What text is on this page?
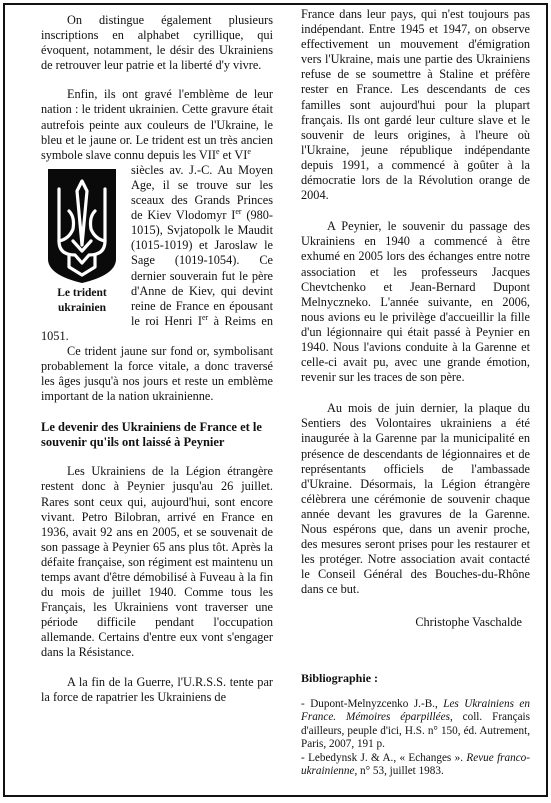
On distingue également plusieurs inscriptions en alphabet cyrillique, qui évoquent, notamment, le désir des Ukrainiens de retrouver leur patrie et la liberté d'y vivre.

Enfin, ils ont gravé l'emblème de leur nation : le trident ukrainien. Cette gravure était autrefois peinte aux couleurs de l'Ukraine, le bleu et le jaune or. Le trident est un très ancien symbole slave connu depuis les VIIe et VIe

Le trident ukrainien
siècles av. J.-C. Au Moyen Age, il se trouve sur les sceaux des Grands Princes de Kiev Vlodomyr Ier (980-1015), Svjatopolk le Maudit (1015-1019) et Jaroslaw le Sage (1019-1054). Ce dernier souverain fut le père d'Anne de Kiev, qui devint reine de France en épousant le roi Henri Ier à Reims en 1051.

Ce trident jaune sur fond or, symbolisant probablement la force vitale, a donc traversé les âges jusqu'à nos jours et reste un emblème important de la nation ukrainienne.

Le devenir des Ukrainiens de France et le souvenir qu'ils ont laissé à Peynier

Les Ukrainiens de la Légion étrangère restent donc à Peynier jusqu'au 26 juillet. Rares sont ceux qui, aujourd'hui, sont encore vivant. Petro Bilobran, arrivé en France en 1936, avait 92 ans en 2005, et se souvenait de son passage à Peynier 65 ans plus tôt. Après la défaite française, son régiment est maintenu un temps avant d'être démobilisé à Fuveau à la fin du mois de juillet 1940. Comme tous les Français, les Ukrainiens vont traverser une période difficile pendant l'occupation allemande. Certains d'entre eux vont s'engager dans la Résistance.

A la fin de la Guerre, l'U.R.S.S. tente par la force de rapatrier les Ukrainiens de

France dans leur pays, qui n'est toujours pas indépendant. Entre 1945 et 1947, on observe effectivement un mouvement d'émigration vers l'Ukraine, mais une partie des Ukrainiens refuse de se soumettre à Staline et préfère rester en France. Les descendants de ces familles sont aujourd'hui pour la plupart français. Ils ont gardé leur culture slave et le souvenir de leurs origines, à l'heure où l'Ukraine, jeune république indépendante depuis 1991, a commencé à goûter à la démocratie lors de la Révolution orange de 2004.

A Peynier, le souvenir du passage des Ukrainiens en 1940 a commencé à être exhumé en 2005 lors des échanges entre notre association et les professeurs Jacques Chevtchenko et Jean-Bernard Dupont Melnyczneko. L'année suivante, en 2006, nous avions eu le privilège d'accueillir la fille d'un légionnaire qui était passé à Peynier en 1940. Nous l'avions conduite à la Garenne et celle-ci avait pu, avec une grande émotion, revenir sur les traces de son père.

Au mois de juin dernier, la plaque du Sentiers des Volontaires ukrainiens a été inaugurée à la Garenne par la municipalité en présence de descendants de légionnaires et de représentants officiels de l'ambassade d'Ukraine. Désormais, la Légion étrangère célèbrera une cérémonie de souvenir chaque année devant les gravures de la Garenne. Nous espérons que, dans un avenir proche, des mesures seront prises pour les restaurer et les protéger. Notre association avait contacté le Conseil Général des Bouches-du-Rhône dans ce but.

Christophe Vaschalde

Bibliographie :

- Dupont-Melnyzcenko J.-B., Les Ukrainiens en France. Mémoires éparpillées, coll. Français d'ailleurs, peuple d'ici, H.S. n° 150, éd. Autrement, Paris, 2007, 191 p.

- Lebedynsk J. & A., « Echanges ». Revue franco-ukrainienne, n° 53, juillet 1983.
